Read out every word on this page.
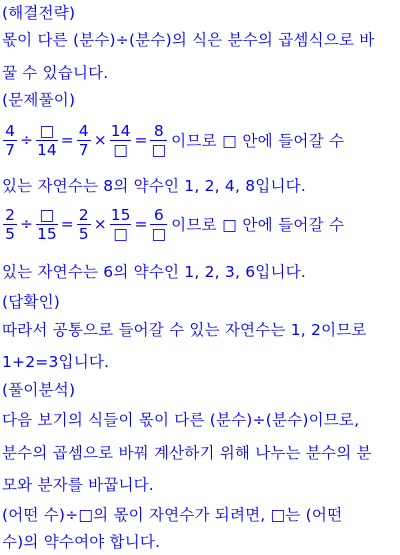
(해결전략)
몫이 다른 (분수)÷(분수)의 식은 분수의 곱셈식으로 바
꿀 수 있습니다.
(문제풀이)
$\frac{4}{7} \div \frac{□}{14} = \frac{4}{7} \times \frac{14}{□} = \frac{8}{□}$ 이므로 □ 안에 들어갈 수
있는 자연수는 8의 약수인 1, 2, 4, 8입니다.
$\frac{2}{5} \div \frac{□}{15} = \frac{2}{5} \times \frac{15}{□} = \frac{6}{□}$ 이므로 □ 안에 들어갈 수
있는 자연수는 6의 약수인 1, 2, 3, 6입니다.
(답확인)
따라서 공통으로 들어갈 수 있는 자연수는 1, 2이므로
1+2=3입니다.
(풀이분석)
다음 보기의 식들이 몫이 다른 (분수)÷(분수)이므로,
분수의 곱셈으로 바꿔 계산하기 위해 나누는 분수의 분
모와 분자를 바꿉니다.
(어떤 수)÷□의 몫이 자연수가 되려면, □는 (어떤
수)의 약수여야 합니다.
